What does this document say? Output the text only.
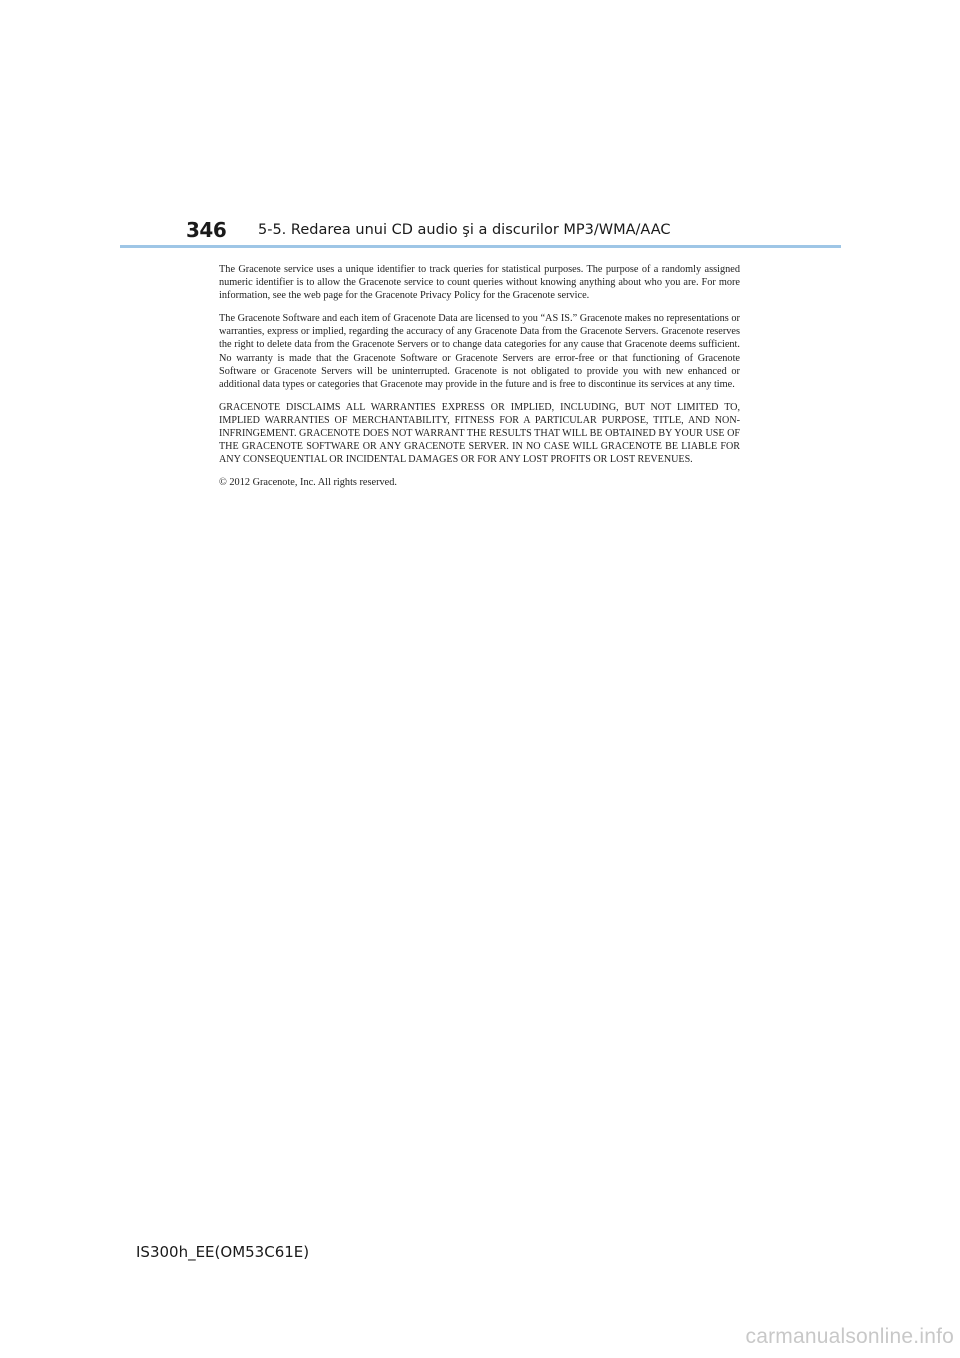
346 5-5. Redarea unui CD audio şi a discurilor MP3/WMA/AAC

The Gracenote service uses a unique identifier to track queries for statistical purposes. The purpose of a randomly assigned numeric identifier is to allow the Gracenote service to count queries without knowing anything about who you are. For more information, see the web page for the Gracenote Privacy Policy for the Gracenote service.

The Gracenote Software and each item of Gracenote Data are licensed to you “AS IS.” Gracenote makes no representations or warranties, express or implied, regarding the accuracy of any Gracenote Data from the Gracenote Servers. Gracenote reserves the right to delete data from the Gracenote Servers or to change data categories for any cause that Gracenote deems sufficient. No warranty is made that the Gracenote Software or Gracenote Servers are error-free or that functioning of Gracenote Software or Gracenote Servers will be uninterrupted. Gracenote is not obligated to provide you with new enhanced or additional data types or categories that Gracenote may provide in the future and is free to discontinue its services at any time.

GRACENOTE DISCLAIMS ALL WARRANTIES EXPRESS OR IMPLIED, INCLUDING, BUT NOT LIMITED TO, IMPLIED WARRANTIES OF MERCHANTABILITY, FITNESS FOR A PARTICULAR PURPOSE, TITLE, AND NON-INFRINGEMENT. GRACENOTE DOES NOT WARRANT THE RESULTS THAT WILL BE OBTAINED BY YOUR USE OF THE GRACENOTE SOFTWARE OR ANY GRACENOTE SERVER. IN NO CASE WILL GRACENOTE BE LIABLE FOR ANY CONSEQUENTIAL OR INCIDENTAL DAMAGES OR FOR ANY LOST PROFITS OR LOST REVENUES.

© 2012 Gracenote, Inc. All rights reserved.

IS300h_EE(OM53C61E)
carmanualsonline.info
